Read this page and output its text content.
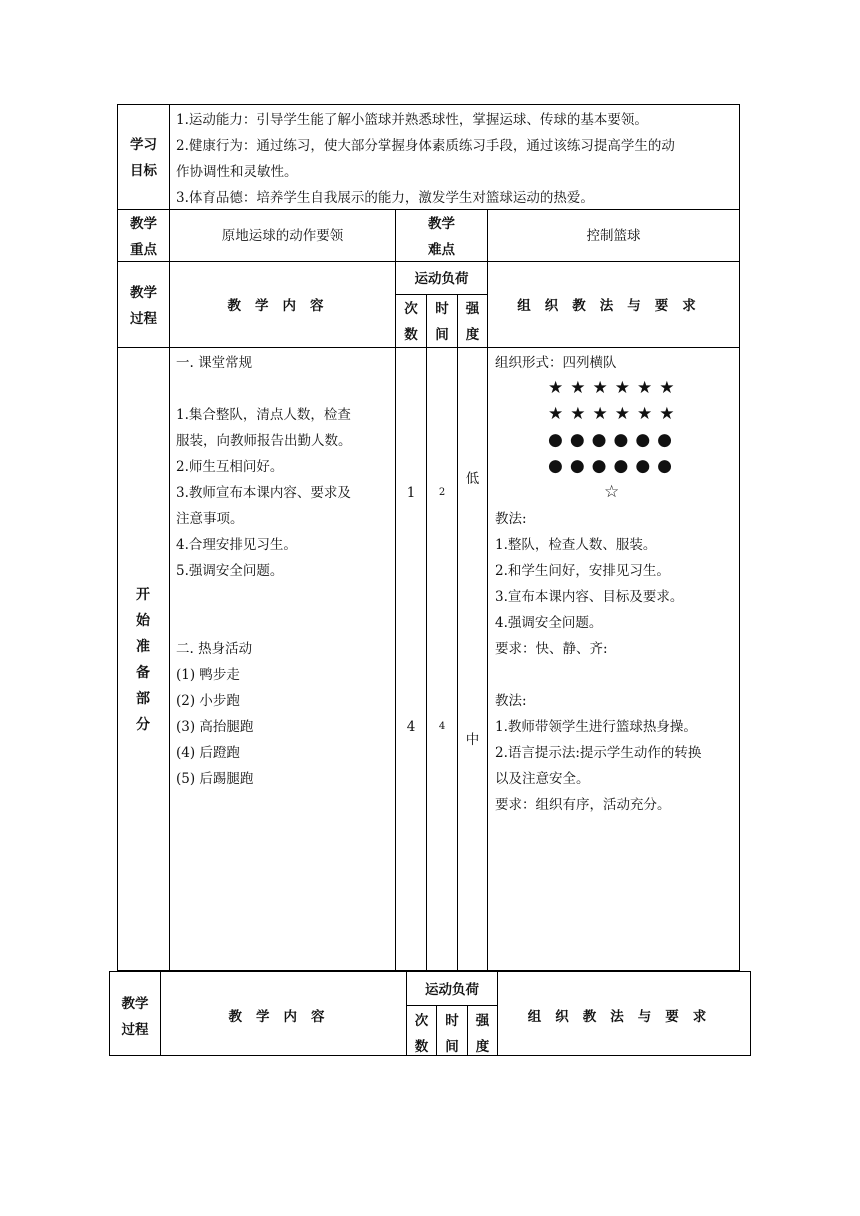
学习
目标
1.运动能力：引导学生能了解小篮球并熟悉球性，掌握运球、传球的基本要领。
2.健康行为：通过练习，使大部分掌握身体素质练习手段，通过该练习提高学生的动
作协调性和灵敏性。
3.体育品德：培养学生自我展示的能力，激发学生对篮球运动的热爱。
教学
重点
原地运球的动作要领
教学
难点
控制篮球
教学
过程
教学内容
运动负荷
次
数
时
间
强
度
组织教法与要求
开
始
准
备
部
分
一. 课堂常规
1.集合整队，清点人数，检查
服装，向教师报告出勤人数。
2.师生互相问好。
3.教师宣布本课内容、要求及
注意事项。
4.合理安排见习生。
5.强调安全问题。
二. 热身活动
(1) 鸭步走
(2) 小步跑
(3) 高抬腿跑
(4) 后蹬跑
(5) 后踢腿跑
1	2
低
4	4
中
组织形式：四列横队
★★★★★★
★★★★★★
●●●●●●
●●●●●●
☆
教法:
1.整队，检查人数、服装。
2.和学生问好，安排见习生。
3.宣布本课内容、目标及要求。
4.强调安全问题。
要求：快、静、齐:
教法:
1.教师带领学生进行篮球热身操。
2.语言提示法:提示学生动作的转换
以及注意安全。
要求：组织有序，活动充分。
教学
过程
教学内容
运动负荷
次
数
时
间
强
度
组织教法与要求
